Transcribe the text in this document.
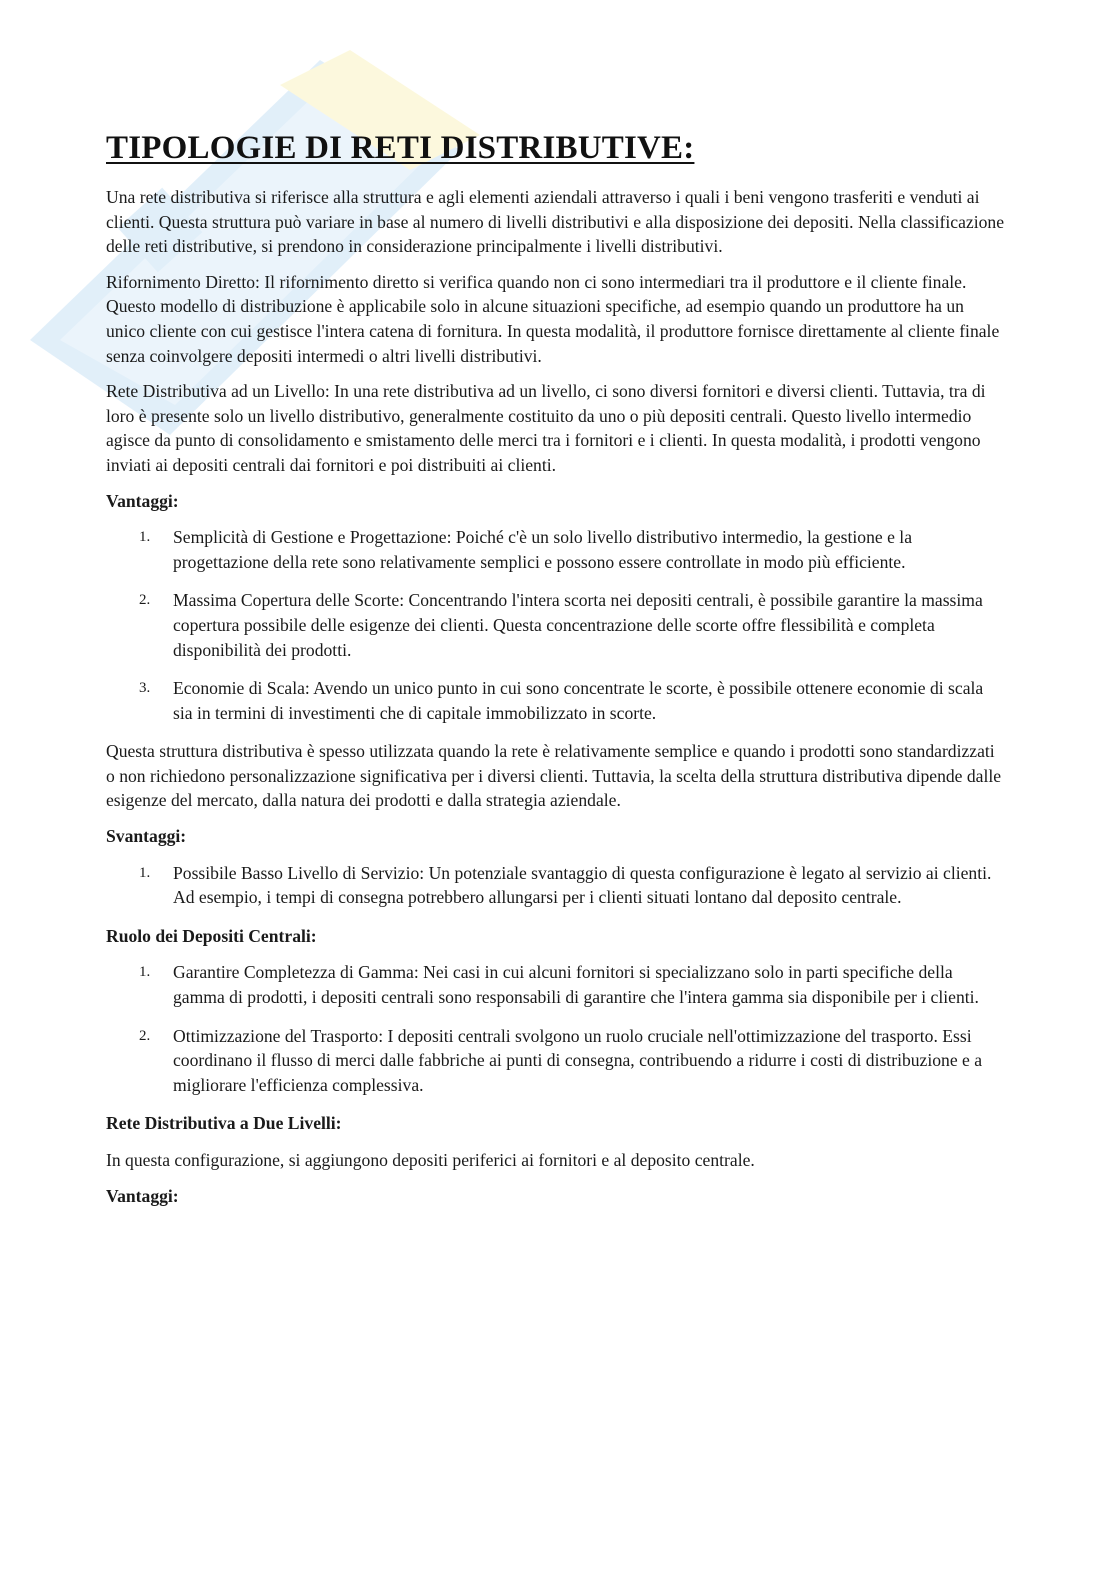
TIPOLOGIE DI RETI DISTRIBUTIVE:

Una rete distributiva si riferisce alla struttura e agli elementi aziendali attraverso i quali i beni vengono trasferiti e venduti ai clienti. Questa struttura può variare in base al numero di livelli distributivi e alla disposizione dei depositi. Nella classificazione delle reti distributive, si prendono in considerazione principalmente i livelli distributivi.

Rifornimento Diretto: Il rifornimento diretto si verifica quando non ci sono intermediari tra il produttore e il cliente finale. Questo modello di distribuzione è applicabile solo in alcune situazioni specifiche, ad esempio quando un produttore ha un unico cliente con cui gestisce l'intera catena di fornitura. In questa modalità, il produttore fornisce direttamente al cliente finale senza coinvolgere depositi intermedi o altri livelli distributivi.

Rete Distributiva ad un Livello: In una rete distributiva ad un livello, ci sono diversi fornitori e diversi clienti. Tuttavia, tra di loro è presente solo un livello distributivo, generalmente costituito da uno o più depositi centrali. Questo livello intermedio agisce da punto di consolidamento e smistamento delle merci tra i fornitori e i clienti. In questa modalità, i prodotti vengono inviati ai depositi centrali dai fornitori e poi distribuiti ai clienti.

Vantaggi:
1. Semplicità di Gestione e Progettazione: Poiché c'è un solo livello distributivo intermedio, la gestione e la progettazione della rete sono relativamente semplici e possono essere controllate in modo più efficiente.
2. Massima Copertura delle Scorte: Concentrando l'intera scorta nei depositi centrali, è possibile garantire la massima copertura possibile delle esigenze dei clienti. Questa concentrazione delle scorte offre flessibilità e completa disponibilità dei prodotti.
3. Economie di Scala: Avendo un unico punto in cui sono concentrate le scorte, è possibile ottenere economie di scala sia in termini di investimenti che di capitale immobilizzato in scorte.

Questa struttura distributiva è spesso utilizzata quando la rete è relativamente semplice e quando i prodotti sono standardizzati o non richiedono personalizzazione significativa per i diversi clienti. Tuttavia, la scelta della struttura distributiva dipende dalle esigenze del mercato, dalla natura dei prodotti e dalla strategia aziendale.

Svantaggi:
1. Possibile Basso Livello di Servizio: Un potenziale svantaggio di questa configurazione è legato al servizio ai clienti. Ad esempio, i tempi di consegna potrebbero allungarsi per i clienti situati lontano dal deposito centrale.
Ruolo dei Depositi Centrali:
1. Garantire Completezza di Gamma: Nei casi in cui alcuni fornitori si specializzano solo in parti specifiche della gamma di prodotti, i depositi centrali sono responsabili di garantire che l'intera gamma sia disponibile per i clienti.
2. Ottimizzazione del Trasporto: I depositi centrali svolgono un ruolo cruciale nell'ottimizzazione del trasporto. Essi coordinano il flusso di merci dalle fabbriche ai punti di consegna, contribuendo a ridurre i costi di distribuzione e a migliorare l'efficienza complessiva.
Rete Distributiva a Due Livelli:

In questa configurazione, si aggiungono depositi periferici ai fornitori e al deposito centrale.

Vantaggi:
